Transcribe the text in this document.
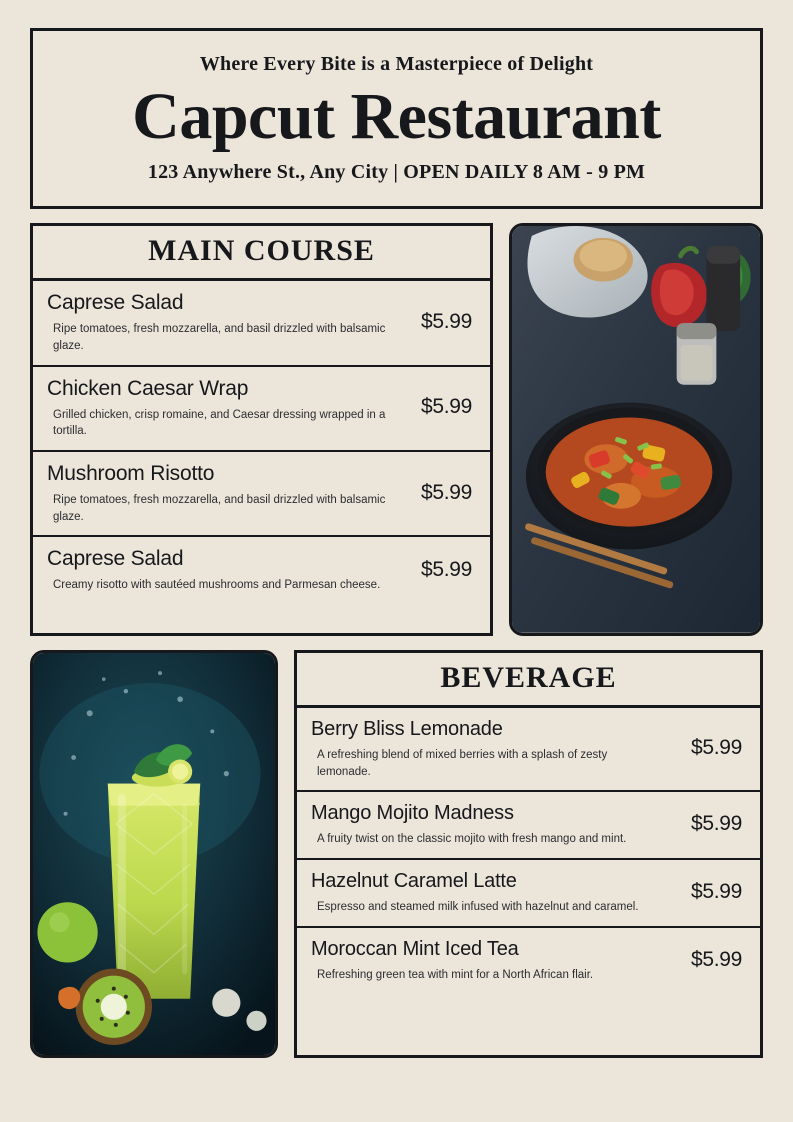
Where Every Bite is a Masterpiece of Delight
Capcut Restaurant
123 Anywhere St., Any City | OPEN DAILY 8 AM - 9 PM
MAIN COURSE
Caprese Salad
Ripe tomatoes, fresh mozzarella, and basil drizzled with balsamic glaze.
$5.99
Chicken Caesar Wrap
Grilled chicken, crisp romaine, and Caesar dressing wrapped in a tortilla.
$5.99
Mushroom Risotto
Ripe tomatoes, fresh mozzarella, and basil drizzled with balsamic glaze.
$5.99
Caprese Salad
Creamy risotto with sautéed mushrooms and Parmesan cheese.
$5.99
BEVERAGE
Berry Bliss Lemonade
A refreshing blend of mixed berries with a splash of zesty lemonade.
$5.99
Mango Mojito Madness
A fruity twist on the classic mojito with fresh mango and mint.
$5.99
Hazelnut Caramel Latte
Espresso and steamed milk infused with hazelnut and caramel.
$5.99
Moroccan Mint Iced Tea
Refreshing green tea with mint for a North African flair.
$5.99
